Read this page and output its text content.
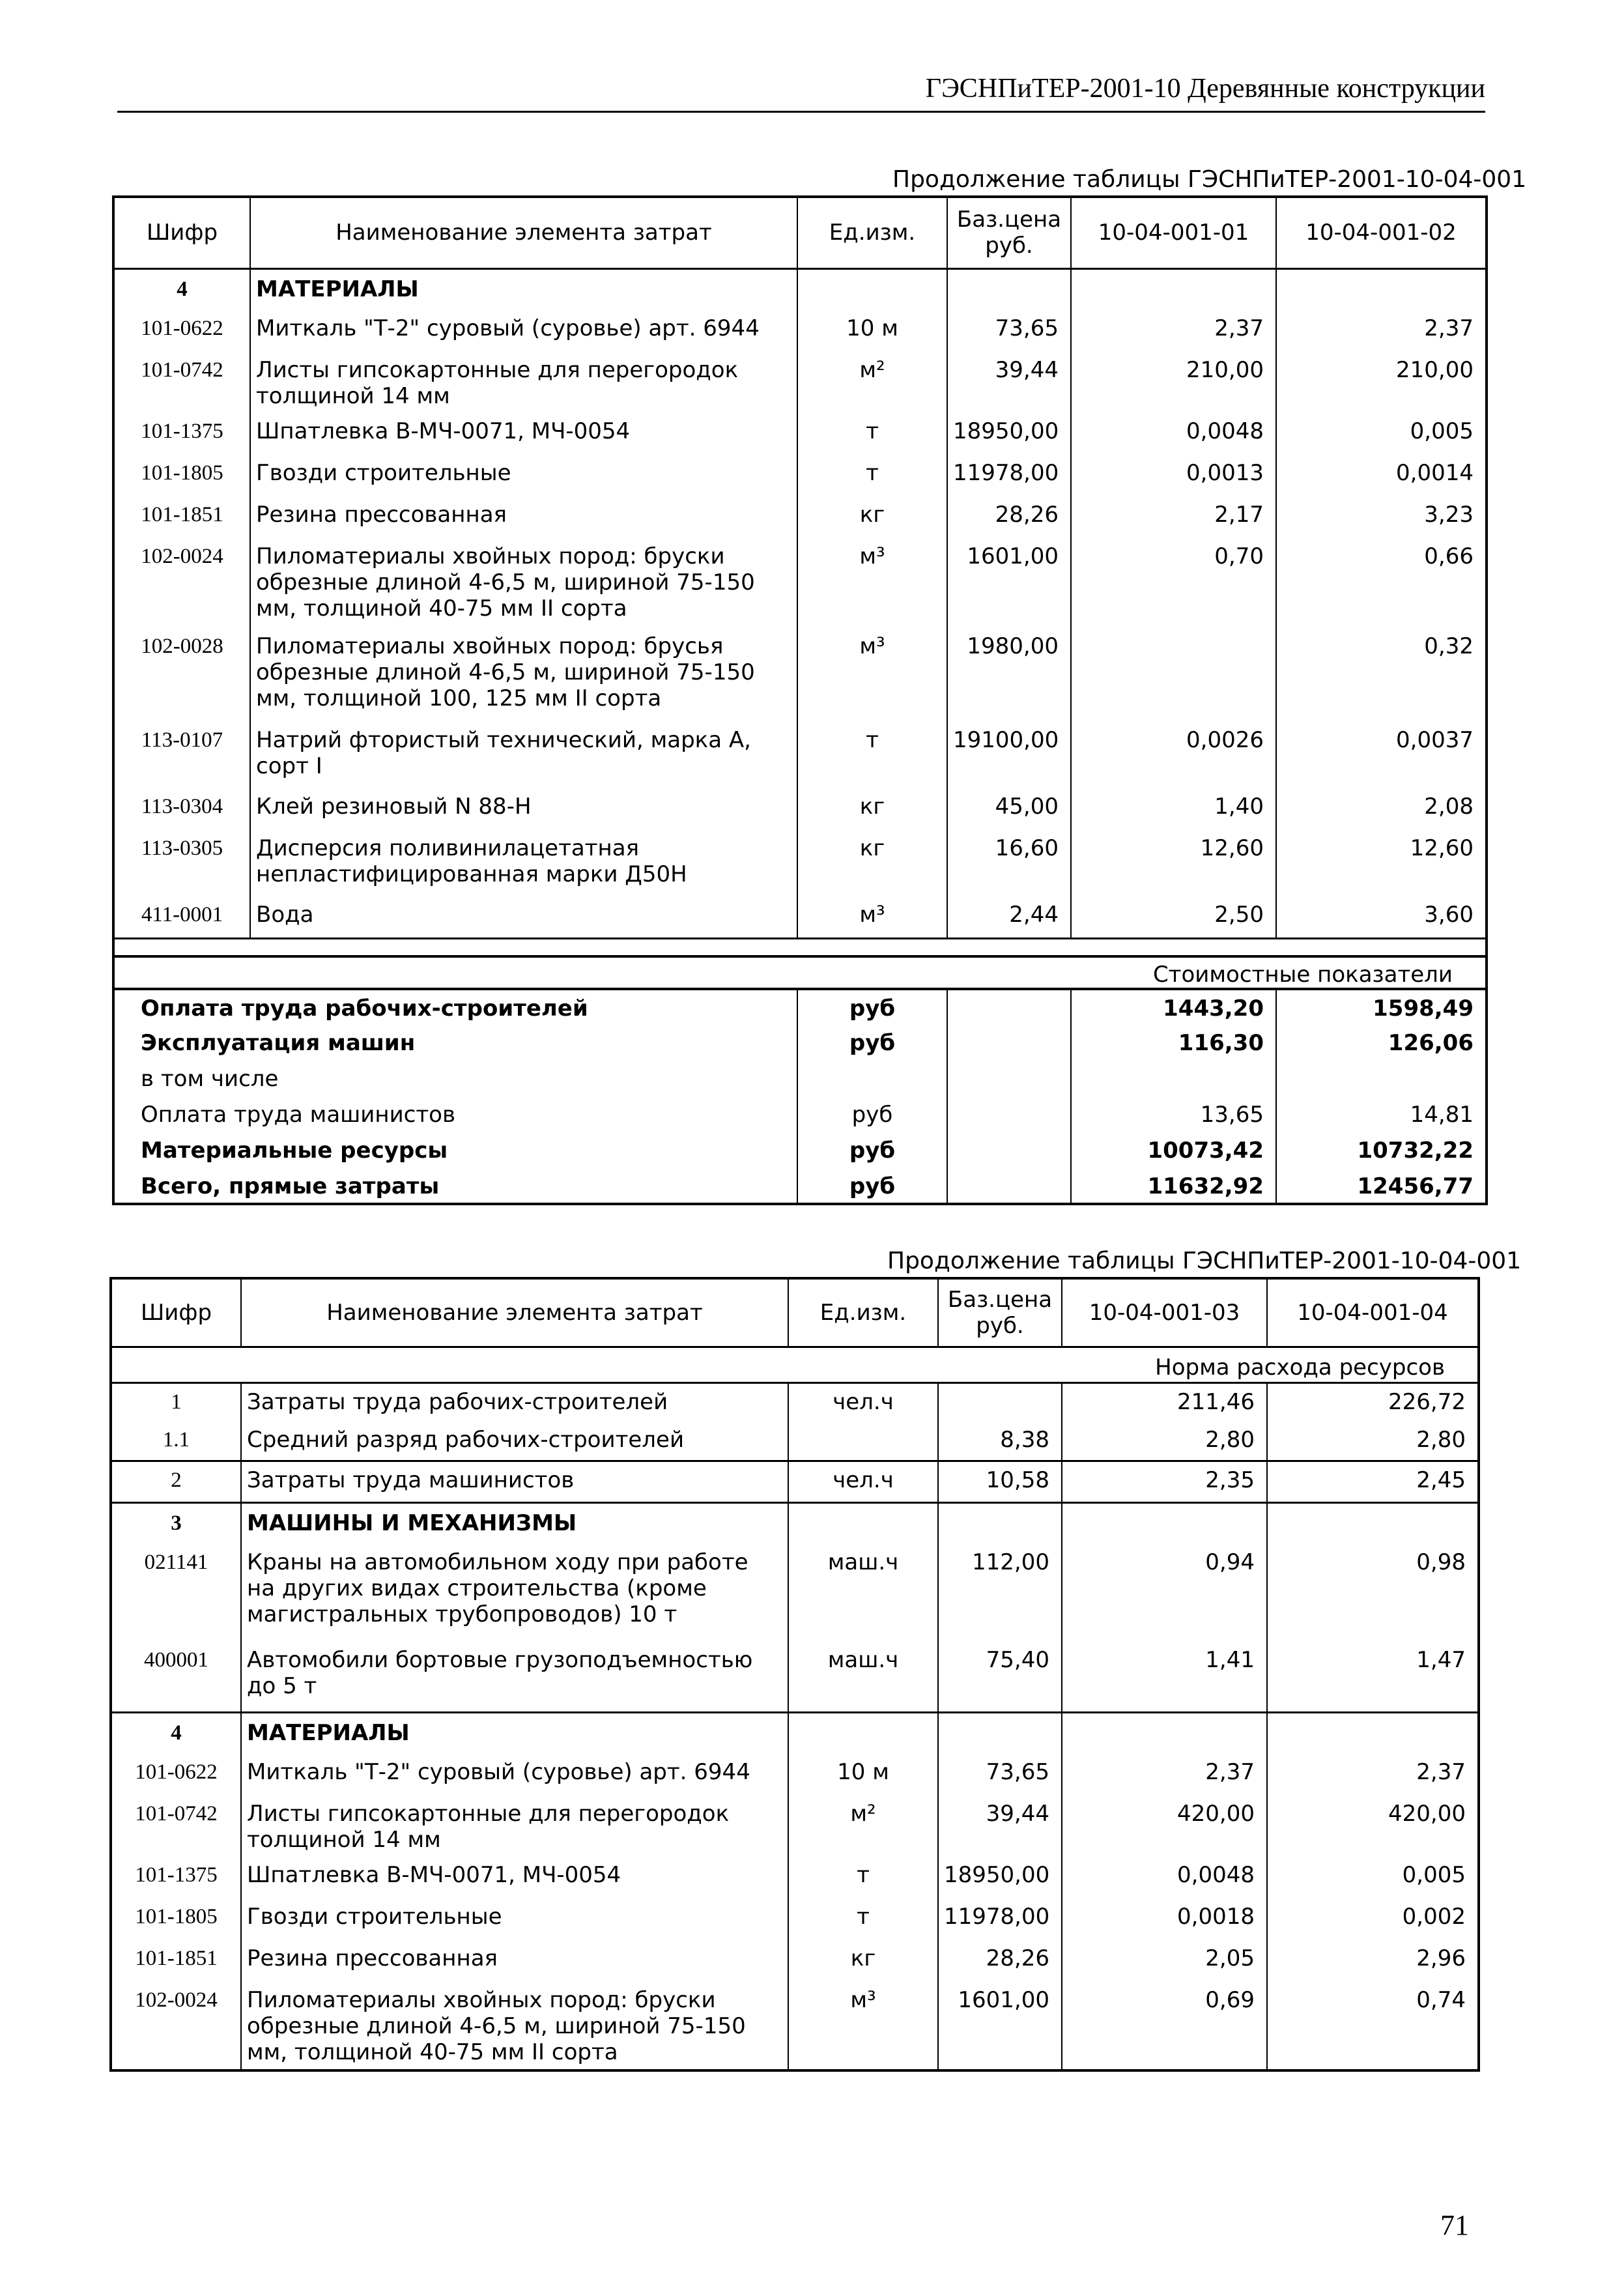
ГЭСНПиТЕР-2001-10 Деревянные конструкции
Продолжение таблицы ГЭСНПиТЕР-2001-10-04-001
Шифр	Наименование элемента затрат	Ед.изм.	Баз.цена руб.	10-04-001-01	10-04-001-02
4	МАТЕРИАЛЫ				
101-0622	Миткаль "Т-2" суровый (суровье) арт. 6944	10 м	73,65	2,37	2,37
101-0742	Листы гипсокартонные для перегородок толщиной 14 мм	м²	39,44	210,00	210,00
101-1375	Шпатлевка В-МЧ-0071, МЧ-0054	т	18950,00	0,0048	0,005
101-1805	Гвозди строительные	т	11978,00	0,0013	0,0014
101-1851	Резина прессованная	кг	28,26	2,17	3,23
102-0024	Пиломатериалы хвойных пород: бруски обрезные длиной 4-6,5 м, шириной 75-150 мм, толщиной 40-75 мм II сорта	м³	1601,00	0,70	0,66
102-0028	Пиломатериалы хвойных пород: брусья обрезные длиной 4-6,5 м, шириной 75-150 мм, толщиной 100, 125 мм II сорта	м³	1980,00		0,32
113-0107	Натрий фтористый технический, марка А, сорт I	т	19100,00	0,0026	0,0037
113-0304	Клей резиновый N 88-Н	кг	45,00	1,40	2,08
113-0305	Дисперсия поливинилацетатная непластифицированная марки Д50Н	кг	16,60	12,60	12,60
411-0001	Вода	м³	2,44	2,50	3,60

Стоимостные показатели					
Оплата труда рабочих-строителей		руб		1443,20	1598,49
Эксплуатация машин		руб		116,30	126,06
в том числе					
Оплата труда машинистов		руб		13,65	14,81
Материальные ресурсы		руб		10073,42	10732,22
Всего, прямые затраты		руб		11632,92	12456,77
Продолжение таблицы ГЭСНПиТЕР-2001-10-04-001
Шифр	Наименование элемента затрат	Ед.изм.	Баз.цена руб.	10-04-001-03	10-04-001-04
Норма расхода ресурсов					
1	Затраты труда рабочих-строителей	чел.ч		211,46	226,72
1.1	Средний разряд рабочих-строителей		8,38	2,80	2,80
2	Затраты труда машинистов	чел.ч	10,58	2,35	2,45
3	МАШИНЫ И МЕХАНИЗМЫ				
021141	Краны на автомобильном ходу при работе на других видах строительства (кроме магистральных трубопроводов) 10 т	маш.ч	112,00	0,94	0,98
400001	Автомобили бортовые грузоподъемностью до 5 т	маш.ч	75,40	1,41	1,47
4	МАТЕРИАЛЫ				
101-0622	Миткаль "Т-2" суровый (суровье) арт. 6944	10 м	73,65	2,37	2,37
101-0742	Листы гипсокартонные для перегородок толщиной 14 мм	м²	39,44	420,00	420,00
101-1375	Шпатлевка В-МЧ-0071, МЧ-0054	т	18950,00	0,0048	0,005
101-1805	Гвозди строительные	т	11978,00	0,0018	0,002
101-1851	Резина прессованная	кг	28,26	2,05	2,96
102-0024	Пиломатериалы хвойных пород: бруски обрезные длиной 4-6,5 м, шириной 75-150 мм, толщиной 40-75 мм II сорта	м³	1601,00	0,69	0,74
71
